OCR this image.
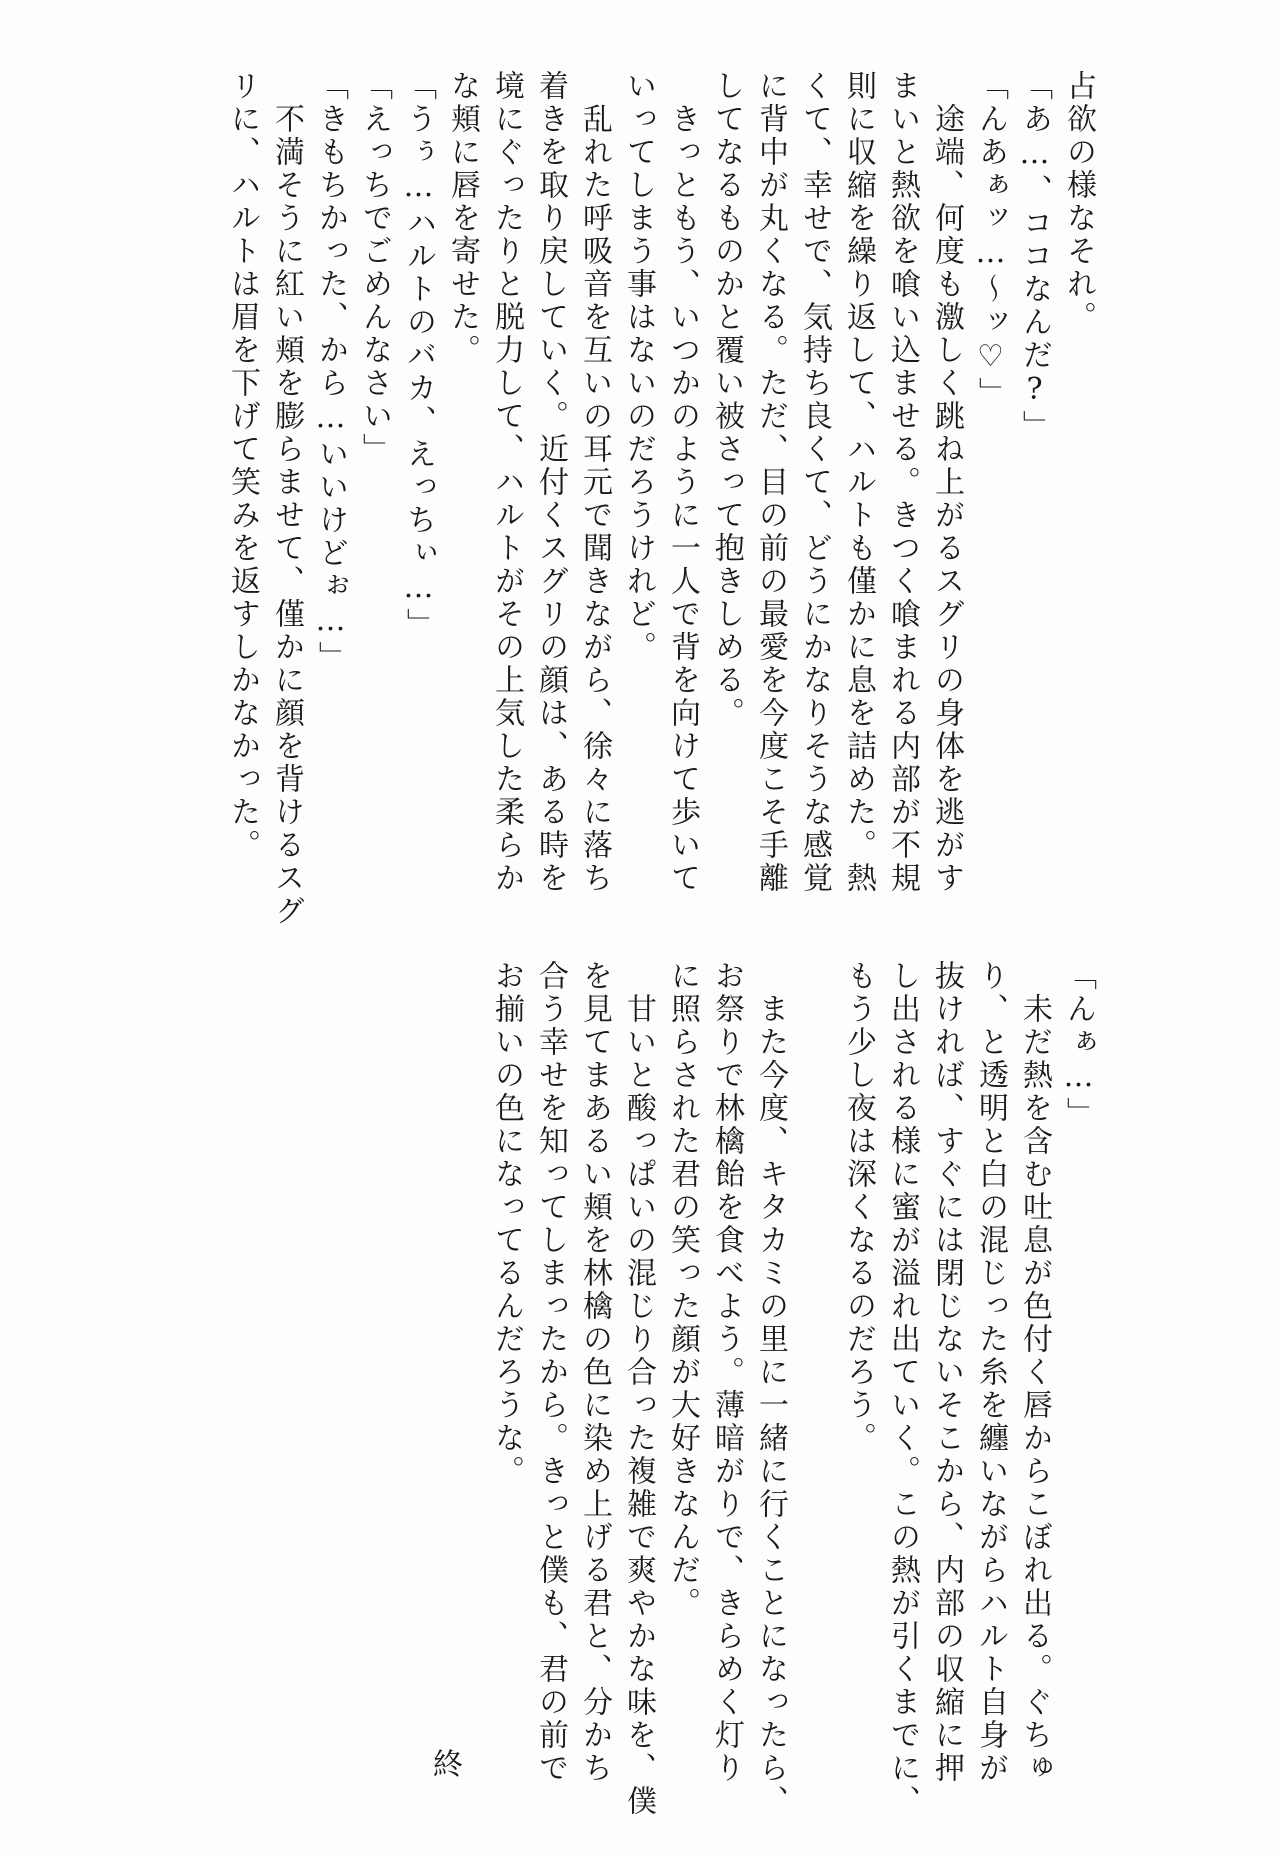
占欲の様なそれ。
「あ…、ココなんだ?」
「んあぁッ…～ッ♡」
　途端、何度も激しく跳ね上がるスグリの身体を逃がす
まいと熱欲を喰い込ませる。きつく喰まれる内部が不規
則に収縮を繰り返して、ハルトも僅かに息を詰めた。熱
くて、幸せで、気持ち良くて、どうにかなりそうな感覚
に背中が丸くなる。ただ、目の前の最愛を今度こそ手離
してなるものかと覆い被さって抱きしめる。
　きっともう、いつかのように一人で背を向けて歩いて
いってしまう事はないのだろうけれど。
　乱れた呼吸音を互いの耳元で聞きながら、徐々に落ち
着きを取り戻していく。近付くスグリの顔は、ある時を
境にぐったりと脱力して、ハルトがその上気した柔らか
な頬に唇を寄せた。
「うぅ…ハルトのバカ、えっちぃ…」
「えっちでごめんなさい」
「きもちかった、から…いいけどぉ…」
　不満そうに紅い頬を膨らませて、僅かに顔を背けるスグ
リに、ハルトは眉を下げて笑みを返すしかなかった。
「んぁ…」
　未だ熱を含む吐息が色付く唇からこぼれ出る。ぐちゅ
り、と透明と白の混じった糸を纏いながらハルト自身が
抜ければ、すぐには閉じないそこから、内部の収縮に押
し出される様に蜜が溢れ出ていく。この熱が引くまでに、
もう少し夜は深くなるのだろう。

　また今度、キタカミの里に一緒に行くことになったら、
お祭りで林檎飴を食べよう。薄暗がりで、きらめく灯り
に照らされた君の笑った顔が大好きなんだ。
　甘いと酸っぱいの混じり合った複雑で爽やかな味を、僕
を見てまあるい頬を林檎の色に染め上げる君と、分かち
合う幸せを知ってしまったから。きっと僕も、君の前で
お揃いの色になってるんだろうな。
終
